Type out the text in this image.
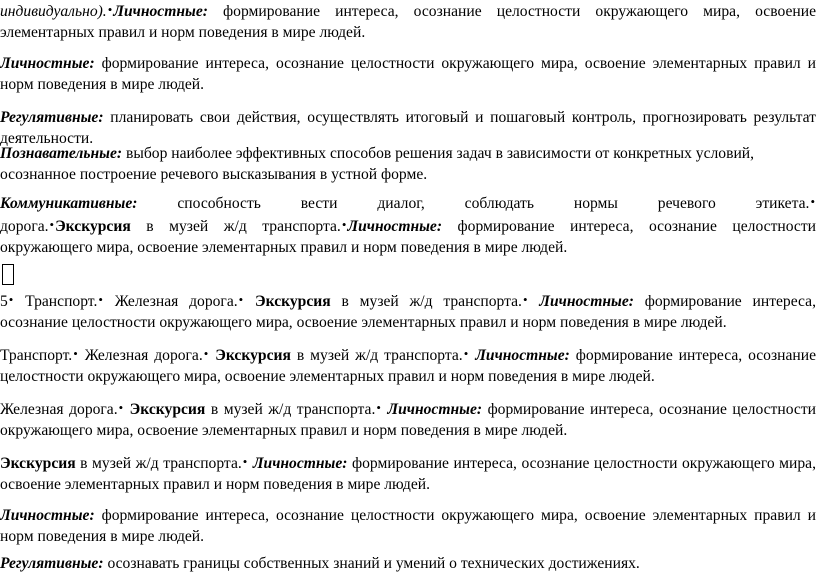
индивидуально).•Личностные: формирование интереса, осознание целостности окружающего мира, освоение
элементарных правил и норм поведения в мире людей.

Личностные: формирование интереса, осознание целостности окружающего мира, освоение элементарных правил и
норм поведения в мире людей.

Регулятивные: планировать свои действия, осуществлять итоговый и пошаговый контроль, прогнозировать результат
деятельности.

Познавательные: выбор наиболее эффективных способов решения задач в зависимости от конкретных условий,
осознанное построение речевого высказывания в устной форме.

Коммуникативные: способность вести диалог, соблюдать нормы речевого этикета.•
дорога.•Экскурсия в музей ж/д транспорта.•Личностные: формирование интереса, осознание целостности
окружающего мира, освоение элементарных правил и норм поведения в мире людей.

5• Транспорт.• Железная дорога.• Экскурсия в музей ж/д транспорта.• Личностные: формирование интереса,
осознание целостности окружающего мира, освоение элементарных правил и норм поведения в мире людей.

Транспорт.• Железная дорога.• Экскурсия в музей ж/д транспорта.• Личностные: формирование интереса, осознание
целостности окружающего мира, освоение элементарных правил и норм поведения в мире людей.

Железная дорога.• Экскурсия в музей ж/д транспорта.• Личностные: формирование интереса, осознание целостности
окружающего мира, освоение элементарных правил и норм поведения в мире людей.

Экскурсия в музей ж/д транспорта.• Личностные: формирование интереса, осознание целостности окружающего мира,
освоение элементарных правил и норм поведения в мире людей.

Личностные: формирование интереса, осознание целостности окружающего мира, освоение элементарных правил и
норм поведения в мире людей.

Регулятивные: осознавать границы собственных знаний и умений о технических достижениях.
